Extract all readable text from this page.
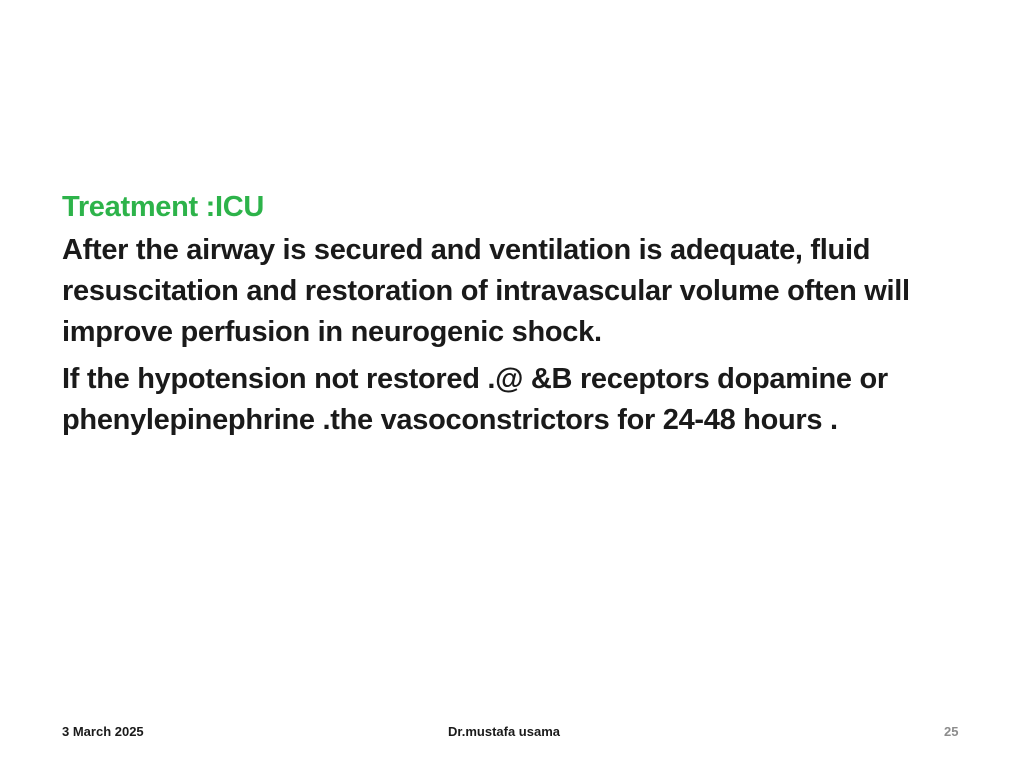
Treatment :ICU
After the airway is secured and ventilation is adequate, fluid resuscitation and restoration of intravascular volume often will improve perfusion in neurogenic shock.
If the hypotension not restored .@ &B receptors dopamine or phenylepinephrine .the vasoconstrictors for 24-48 hours .
3 March 2025	Dr.mustafa usama	25
